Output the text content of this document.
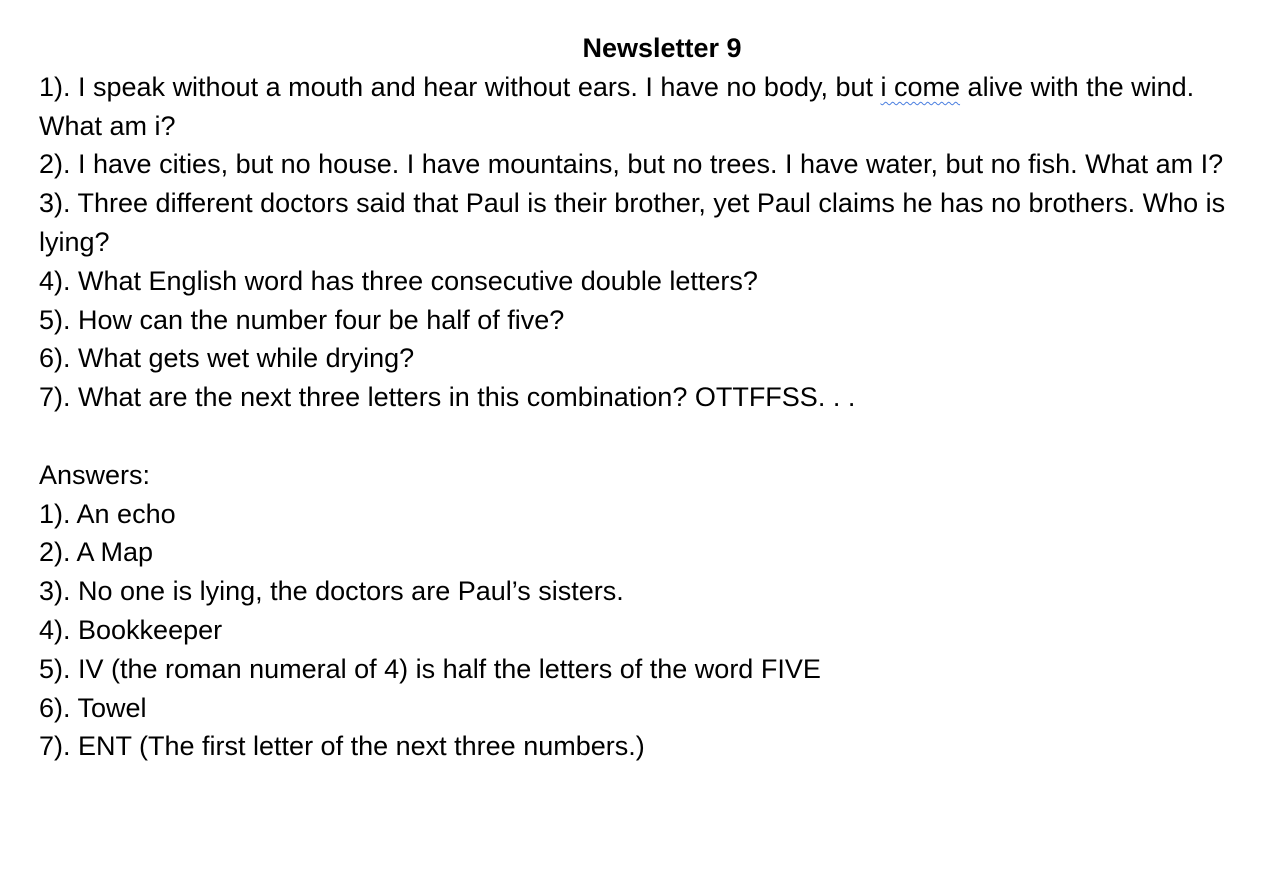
Newsletter 9

1). I speak without a mouth and hear without ears. I have no body, but i come alive with the wind. What am i?

2). I have cities, but no house. I have mountains, but no trees. I have water, but no fish. What am I?

3). Three different doctors said that Paul is their brother, yet Paul claims he has no brothers. Who is lying?

4). What English word has three consecutive double letters?

5). How can the number four be half of five?

6). What gets wet while drying?

7). What are the next three letters in this combination? OTTFFSS. . .

Answers:

1). An echo

2). A Map

3). No one is lying, the doctors are Paul’s sisters.

4). Bookkeeper

5). IV (the roman numeral of 4) is half the letters of the word FIVE

6). Towel

7). ENT (The first letter of the next three numbers.)
